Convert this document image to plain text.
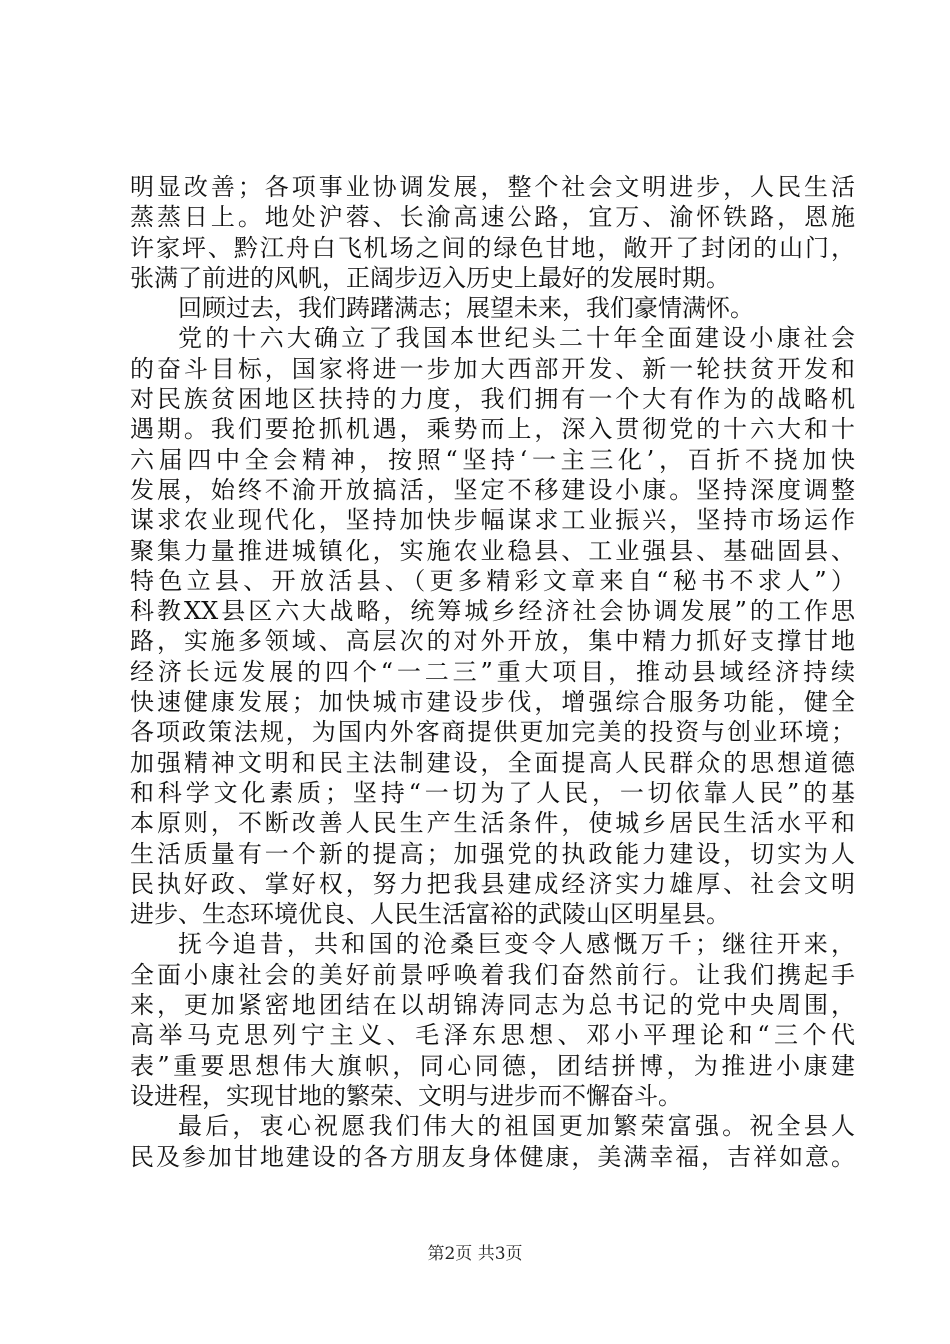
明显改善；各项事业协调发展，整个社会文明进步，人民生活
蒸蒸日上。地处沪蓉、长渝高速公路，宜万、渝怀铁路，恩施
许家坪、黔江舟白飞机场之间的绿色甘地，敞开了封闭的山门，
张满了前进的风帆，正阔步迈入历史上最好的发展时期。
回顾过去，我们踌躇满志；展望未来，我们豪情满怀。
党的十六大确立了我国本世纪头二十年全面建设小康社会
的奋斗目标，国家将进一步加大西部开发、新一轮扶贫开发和
对民族贫困地区扶持的力度，我们拥有一个大有作为的战略机
遇期。我们要抢抓机遇，乘势而上，深入贯彻党的十六大和十
六届四中全会精神，按照“坚持‘一主三化’，百折不挠加快
发展，始终不渝开放搞活，坚定不移建设小康。坚持深度调整
谋求农业现代化，坚持加快步幅谋求工业振兴，坚持市场运作
聚集力量推进城镇化，实施农业稳县、工业强县、基础固县、
特色立县、开放活县、（更多精彩文章来自“秘书不求人”）
科教XX县区六大战略，统筹城乡经济社会协调发展”的工作思
路，实施多领域、高层次的对外开放，集中精力抓好支撑甘地
经济长远发展的四个“一二三”重大项目，推动县域经济持续
快速健康发展；加快城市建设步伐，增强综合服务功能，健全
各项政策法规，为国内外客商提供更加完美的投资与创业环境；
加强精神文明和民主法制建设，全面提高人民群众的思想道德
和科学文化素质；坚持“一切为了人民，一切依靠人民”的基
本原则，不断改善人民生产生活条件，使城乡居民生活水平和
生活质量有一个新的提高；加强党的执政能力建设，切实为人
民执好政、掌好权，努力把我县建成经济实力雄厚、社会文明
进步、生态环境优良、人民生活富裕的武陵山区明星县。
抚今追昔，共和国的沧桑巨变令人感慨万千；继往开来，
全面小康社会的美好前景呼唤着我们奋然前行。让我们携起手
来，更加紧密地团结在以胡锦涛同志为总书记的党中央周围，
高举马克思列宁主义、毛泽东思想、邓小平理论和“三个代
表”重要思想伟大旗帜，同心同德，团结拼博，为推进小康建
设进程，实现甘地的繁荣、文明与进步而不懈奋斗。
最后，衷心祝愿我们伟大的祖国更加繁荣富强。祝全县人
民及参加甘地建设的各方朋友身体健康，美满幸福，吉祥如意。
第2页 共3页
